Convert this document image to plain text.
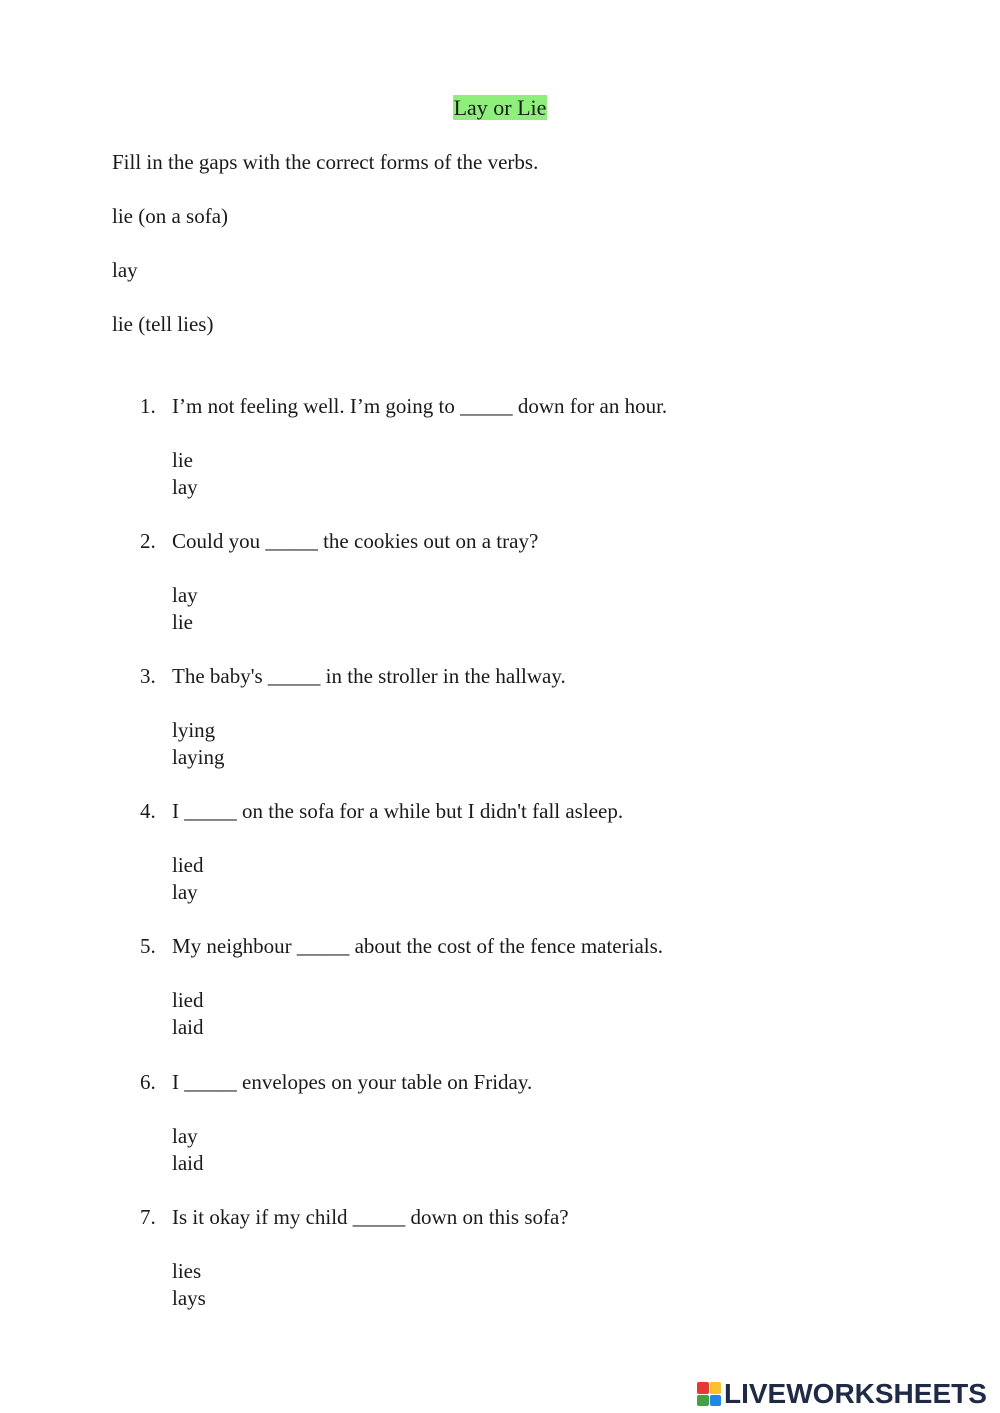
Lay or Lie
Fill in the gaps with the correct forms of the verbs.
lie (on a sofa)
lay
lie (tell lies)
1. I’m not feeling well. I’m going to _____ down for an hour.
lie
lay
2. Could you _____ the cookies out on a tray?
lay
lie
3. The baby's _____ in the stroller in the hallway.
lying
laying
4. I _____ on the sofa for a while but I didn't fall asleep.
lied
lay
5. My neighbour _____ about the cost of the fence materials.
lied
laid
6. I _____ envelopes on your table on Friday.
lay
laid
7. Is it okay if my child _____ down on this sofa?
lies
lays
LIVEWORKSHEETS
